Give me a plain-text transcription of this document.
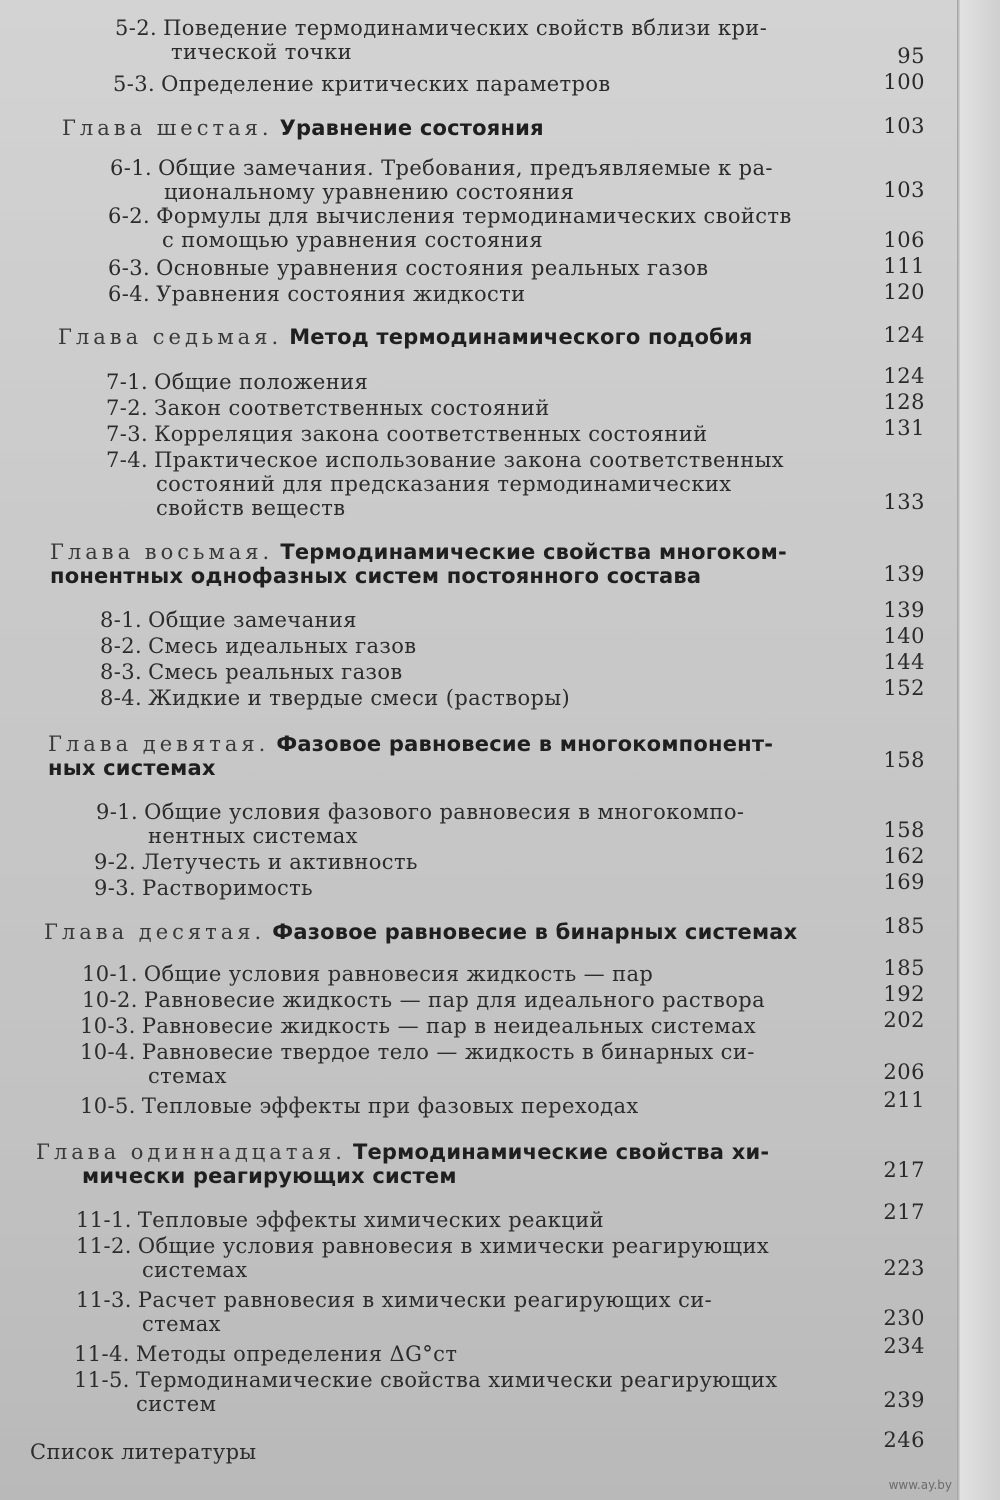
5-2. Поведение термодинамических свойств вблизи кри-
тической точки	95
5-3. Определение критических параметров	100
Глава шестая. Уравнение состояния	103
6-1. Общие замечания. Требования, предъявляемые к ра-
циональному уравнению состояния	103
6-2. Формулы для вычисления термодинамических свойств
с помощью уравнения состояния	106
6-3. Основные уравнения состояния реальных газов	111
6-4. Уравнения состояния жидкости	120
Глава седьмая. Метод термодинамического подобия	124
7-1. Общие положения	124
7-2. Закон соответственных состояний	128
7-3. Корреляция закона соответственных состояний	131
7-4. Практическое использование закона соответственных
состояний для предсказания термодинамических
свойств веществ	133
Глава восьмая. Термодинамические свойства многоком-
понентных однофазных систем постоянного состава	139
8-1. Общие замечания	139
8-2. Смесь идеальных газов	140
8-3. Смесь реальных газов	144
8-4. Жидкие и твердые смеси (растворы)	152
Глава девятая. Фазовое равновесие в многокомпонент-
ных системах	158
9-1. Общие условия фазового равновесия в многокомпо-
нентных системах	158
9-2. Летучесть и активность	162
9-3. Растворимость	169
Глава десятая. Фазовое равновесие в бинарных системах	185
10-1. Общие условия равновесия жидкость — пар	185
10-2. Равновесие жидкость — пар для идеального раствора	192
10-3. Равновесие жидкость — пар в неидеальных системах	202
10-4. Равновесие твердое тело — жидкость в бинарных си-
стемах	206
10-5. Тепловые эффекты при фазовых переходах	211
Глава одиннадцатая. Термодинамические свойства хи-
мически реагирующих систем	217
11-1. Тепловые эффекты химических реакций	217
11-2. Общие условия равновесия в химически реагирующих
системах	223
11-3. Расчет равновесия в химически реагирующих си-
стемах	230
11-4. Методы определения ΔG°ст	234
11-5. Термодинамические свойства химически реагирующих
систем	239
Список литературы	246
www.ay.by
